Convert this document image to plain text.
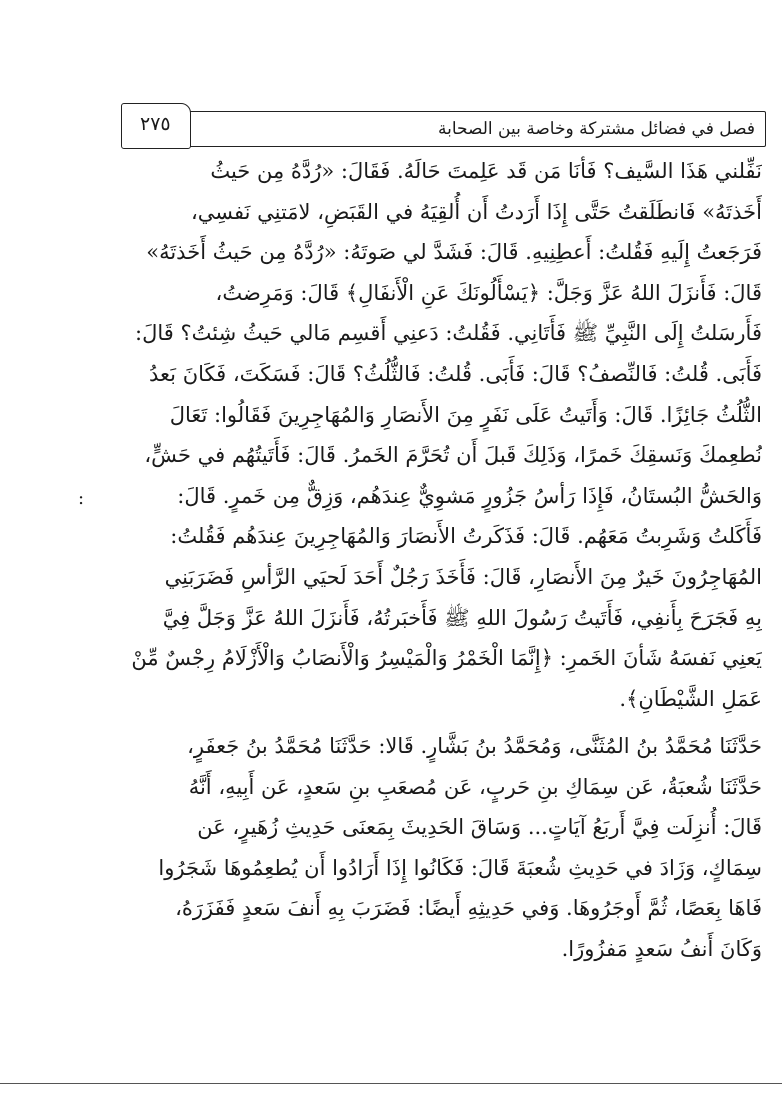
فصل في فضائل مشتركة وخاصة بين الصحابة
٢٧٥
نَفِّلني هَذَا السَّيف؟ فَأنَا مَن قَد عَلِمتَ حَالَهُ. فَقَالَ: «رُدَّهُ مِن حَيثُ
أَخَذتَهُ» فَانطَلَقتُ حَتَّى إِذَا أَرَدتُ أَن أُلقِيَهُ في القَبَضِ، لامَتنِي نَفسِي،
فَرَجَعتُ إِلَيهِ فَقُلتُ: أَعطِنِيهِ. قَالَ: فَشَدَّ لي صَوتَهُ: «رُدَّهُ مِن حَيثُ أَخَذتَهُ»
قَالَ: فَأَنزَلَ اللهُ عَزَّ وَجَلَّ: ﴿يَسْأَلُونَكَ عَنِ الْأَنفَالِ﴾ قَالَ: وَمَرِضتُ،
فَأَرسَلتُ إِلَى النَّبِيِّ ﷺ فَأَتَانِي. فَقُلتُ: دَعنِي أَقسِم مَالي حَيثُ شِئتُ؟ قَالَ:
فَأَبَى. قُلتُ: فَالنِّصفُ؟ قَالَ: فَأَبَى. قُلتُ: فَالثُّلُثُ؟ قَالَ: فَسَكَتَ، فَكَانَ بَعدُ
الثُّلُثُ جَائِزًا. قَالَ: وَأَتَيتُ عَلَى نَفَرٍ مِنَ الأَنصَارِ وَالمُهَاجِرِينَ فَقَالُوا: تَعَالَ
نُطعِمكَ وَنَسقِكَ خَمرًا، وَذَلِكَ قَبلَ أَن تُحَرَّمَ الخَمرُ. قَالَ: فَأَتَيتُهُم في حَشٍّ،
وَالحَشُّ البُستَانُ، فَإِذَا رَأسُ جَزُورٍ مَشوِيٌّ عِندَهُم، وَزِقٌّ مِن خَمرٍ. قَالَ:
فَأَكَلتُ وَشَرِبتُ مَعَهُم. قَالَ: فَذَكَرتُ الأَنصَارَ وَالمُهَاجِرِينَ عِندَهُم فَقُلتُ:
المُهَاجِرُونَ خَيرٌ مِنَ الأَنصَارِ، قَالَ: فَأَخَذَ رَجُلٌ أَحَدَ لَحيَي الرَّأسِ فَضَرَبَنِي
بِهِ فَجَرَحَ بِأَنفِي، فَأَتَيتُ رَسُولَ اللهِ ﷺ فَأَخبَرتُهُ، فَأَنزَلَ اللهُ عَزَّ وَجَلَّ فِيَّ
يَعنِي نَفسَهُ شَأنَ الخَمرِ: ﴿إِنَّمَا الْخَمْرُ وَالْمَيْسِرُ وَالْأَنصَابُ وَالْأَزْلَامُ رِجْسٌ مِّنْ
عَمَلِ الشَّيْطَانِ﴾.
حَدَّثَنَا مُحَمَّدُ بنُ المُثَنَّى، وَمُحَمَّدُ بنُ بَشَّارٍ. قَالا: حَدَّثَنَا مُحَمَّدُ بنُ جَعفَرٍ،
حَدَّثَنَا شُعبَةُ، عَن سِمَاكِ بنِ حَربٍ، عَن مُصعَبِ بنِ سَعدٍ، عَن أَبِيهِ، أَنَّهُ
قَالَ: أُنزِلَت فِيَّ أَربَعُ آيَاتٍ... وَسَاقَ الحَدِيثَ بِمَعنَى حَدِيثِ زُهَيرٍ، عَن
سِمَاكٍ، وَزَادَ في حَدِيثِ شُعبَةَ قَالَ: فَكَانُوا إِذَا أَرَادُوا أَن يُطعِمُوهَا شَجَرُوا
فَاهَا بِعَصًا، ثُمَّ أَوجَرُوهَا. وَفي حَدِيثِهِ أَيضًا: فَضَرَبَ بِهِ أَنفَ سَعدٍ فَفَزَرَهُ،
وَكَانَ أَنفُ سَعدٍ مَفزُورًا.
:
